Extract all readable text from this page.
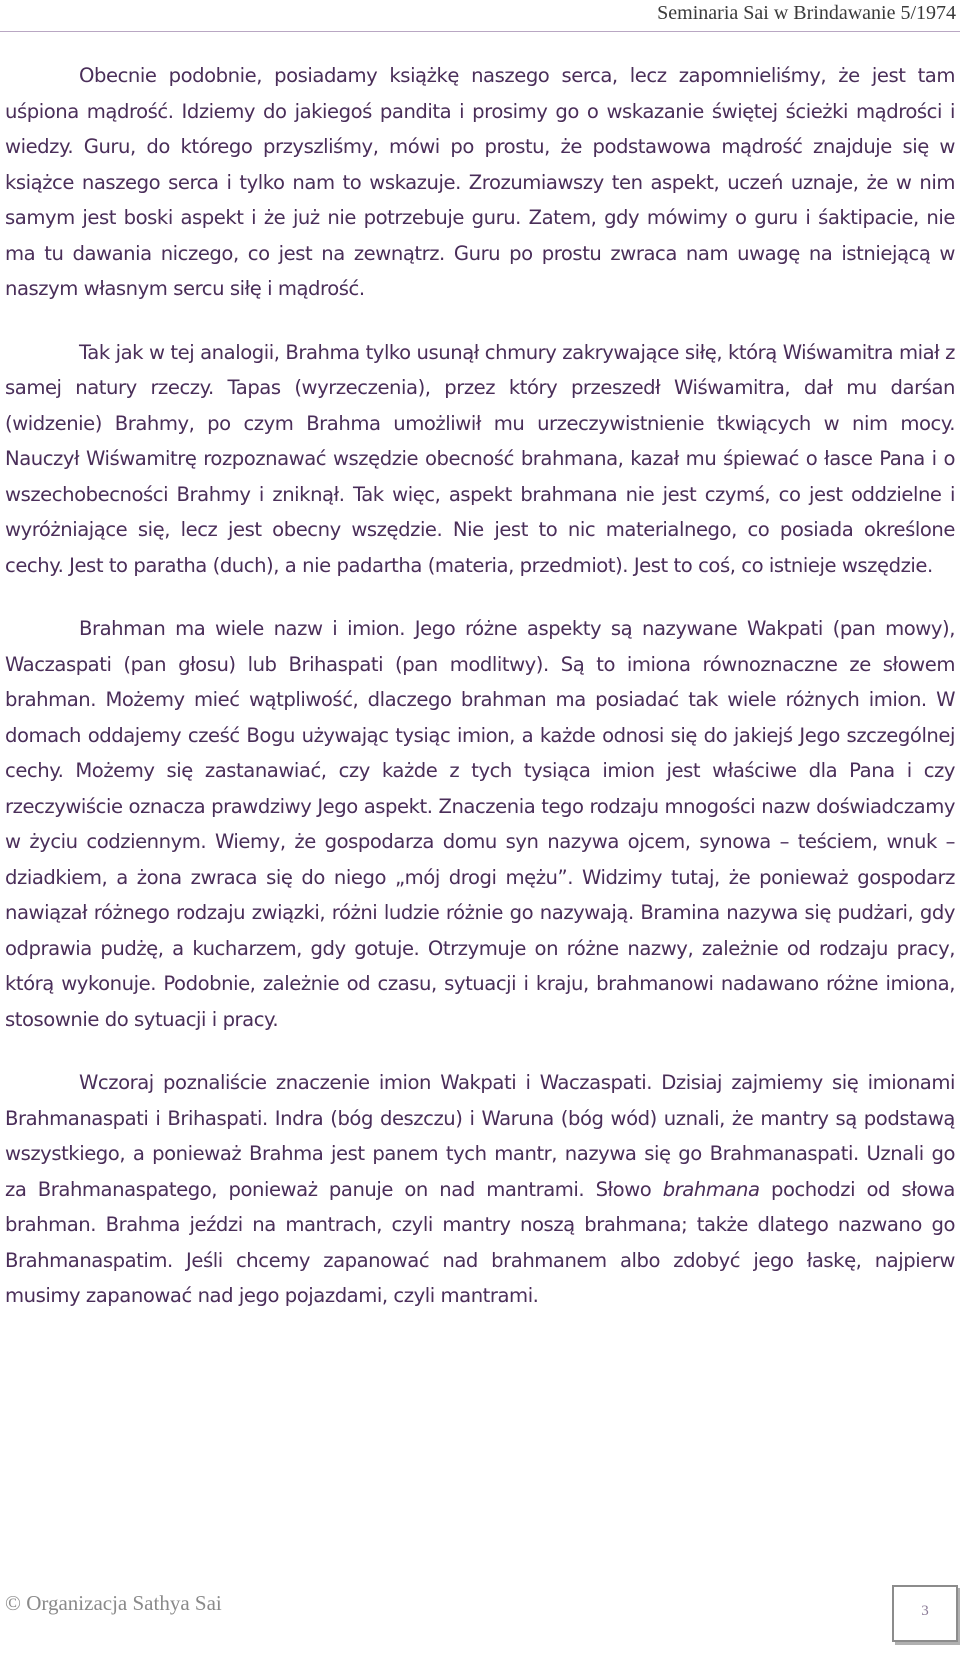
Seminaria Sai w Brindawanie 5/1974

Obecnie podobnie, posiadamy książkę naszego serca, lecz zapomnieliśmy, że jest tam uśpiona mądrość. Idziemy do jakiegoś pandita i prosimy go o wskazanie świętej ścieżki mądrości i wiedzy. Guru, do którego przyszliśmy, mówi po prostu, że podstawowa mądrość znajduje się w książce naszego serca i tylko nam to wskazuje. Zrozumiawszy ten aspekt, uczeń uznaje, że w nim samym jest boski aspekt i że już nie potrzebuje guru. Zatem, gdy mówimy o guru i śaktipacie, nie ma tu dawania niczego, co jest na zewnątrz. Guru po prostu zwraca nam uwagę na istniejącą w naszym własnym sercu siłę i mądrość.

Tak jak w tej analogii, Brahma tylko usunął chmury zakrywające siłę, którą Wiśwamitra miał z samej natury rzeczy. Tapas (wyrzeczenia), przez który przeszedł Wiśwamitra, dał mu darśan (widzenie) Brahmy, po czym Brahma umożliwił mu urzeczywistnienie tkwiących w nim mocy. Nauczył Wiśwamitrę rozpoznawać wszędzie obecność brahmana, kazał mu śpiewać o łasce Pana i o wszechobecności Brahmy i zniknął. Tak więc, aspekt brahmana nie jest czymś, co jest oddzielne i wyróżniające się, lecz jest obecny wszędzie. Nie jest to nic materialnego, co posiada określone cechy. Jest to paratha (duch), a nie padartha (materia, przedmiot). Jest to coś, co istnieje wszędzie.

Brahman ma wiele nazw i imion. Jego różne aspekty są nazywane Wakpati (pan mowy), Waczaspati (pan głosu) lub Brihaspati (pan modlitwy). Są to imiona równoznaczne ze słowem brahman. Możemy mieć wątpliwość, dlaczego brahman ma posiadać tak wiele różnych imion. W domach oddajemy cześć Bogu używając tysiąc imion, a każde odnosi się do jakiejś Jego szczególnej cechy. Możemy się zastanawiać, czy każde z tych tysiąca imion jest właściwe dla Pana i czy rzeczywiście oznacza prawdziwy Jego aspekt. Znaczenia tego rodzaju mnogości nazw doświadczamy w życiu codziennym. Wiemy, że gospodarza domu syn nazywa ojcem, synowa – teściem, wnuk – dziadkiem, a żona zwraca się do niego „mój drogi mężu”. Widzimy tutaj, że ponieważ gospodarz nawiązał różnego rodzaju związki, różni ludzie różnie go nazywają. Bramina nazywa się pudżari, gdy odprawia pudżę, a kucharzem, gdy gotuje. Otrzymuje on różne nazwy, zależnie od rodzaju pracy, którą wykonuje. Podobnie, zależnie od czasu, sytuacji i kraju, brahmanowi nadawano różne imiona, stosownie do sytuacji i pracy.

Wczoraj poznaliście znaczenie imion Wakpati i Waczaspati. Dzisiaj zajmiemy się imionami Brahmanaspati i Brihaspati. Indra (bóg deszczu) i Waruna (bóg wód) uznali, że mantry są podstawą wszystkiego, a ponieważ Brahma jest panem tych mantr, nazywa się go Brahmanaspati. Uznali go za Brahmanaspatego, ponieważ panuje on nad mantrami. Słowo brahmana pochodzi od słowa brahman. Brahma jeździ na mantrach, czyli mantry noszą brahmana; także dlatego nazwano go Brahmanaspatim. Jeśli chcemy zapanować nad brahmanem albo zdobyć jego łaskę, najpierw musimy zapanować nad jego pojazdami, czyli mantrami.

© Organizacja Sathya Sai	3
